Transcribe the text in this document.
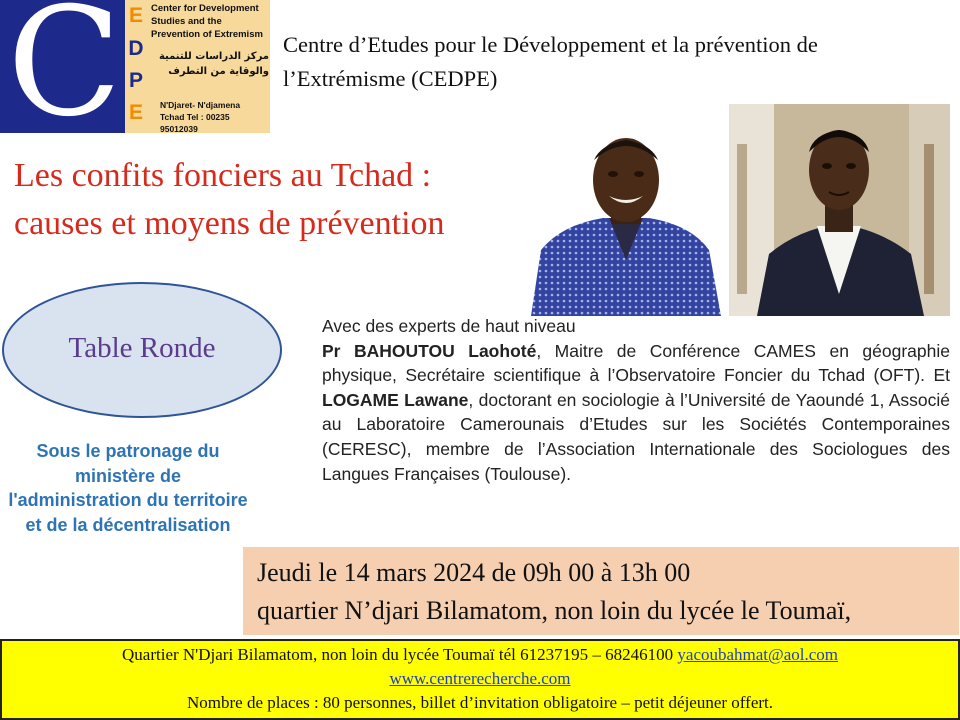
C E
D
P
E
Center for Development Studies and the Prevention of Extremism
مركز الدراسات للتنمية
والوقاية من التطرف
N'Djaret- N'djamena
Tchad Tel : 00235 95012039
Centre d’Etudes pour le Développement et la prévention de l’Extrémisme (CEDPE)
Les confits fonciers au Tchad :
causes et moyens de prévention
Table Ronde
Sous le patronage du ministère de l'administration du territoire et de la décentralisation

Avec des experts de haut niveau

Pr BAHOUTOU Laohoté, Maitre de Conférence CAMES en géographie physique, Secrétaire scientifique à l’Observatoire Foncier du Tchad (OFT). Et LOGAME Lawane, doctorant en sociologie à l’Université de Yaoundé 1, Associé au Laboratoire Camerounais d’Etudes sur les Sociétés Contemporaines (CERESC), membre de l’Association Internationale des Sociologues des Langues Françaises (Toulouse).

Jeudi le 14 mars 2024 de 09h 00 à 13h 00
quartier N’djari Bilamatom, non loin du lycée le Toumaï,
Quartier N'Djari Bilamatom, non loin du lycée Toumaï tél 61237195 – 68246100 yacoubahmat@aol.com
www.centrerecherche.com
Nombre de places : 80 personnes, billet d’invitation obligatoire – petit déjeuner offert.
